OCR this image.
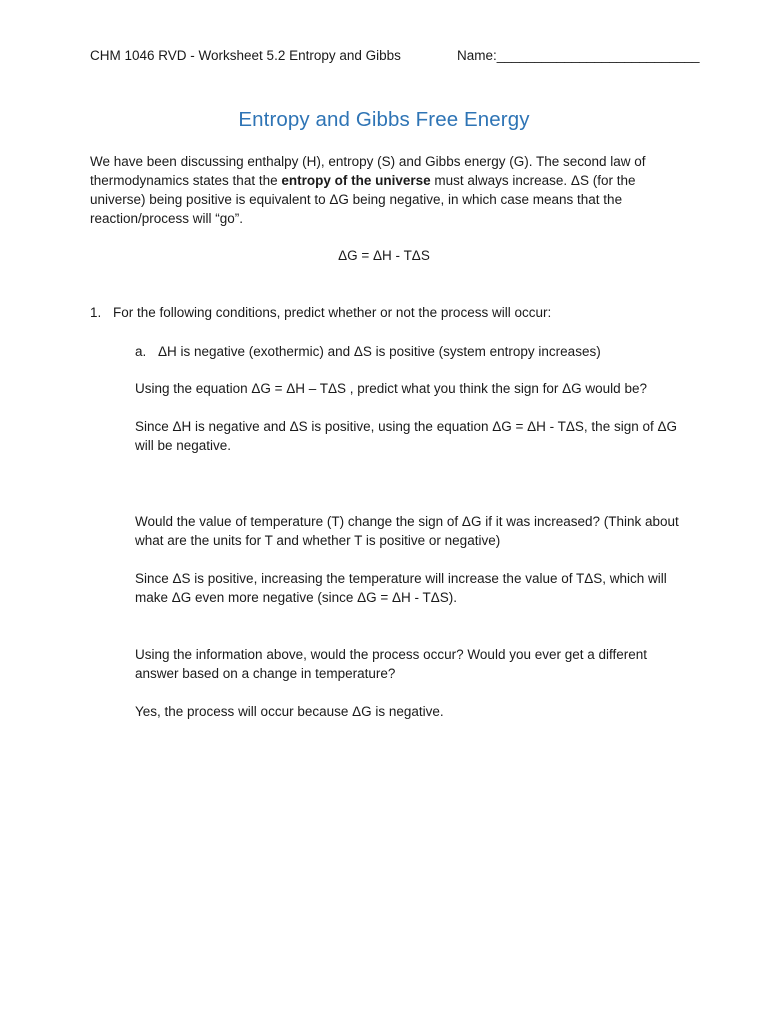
CHM 1046 RVD - Worksheet 5.2 Entropy and Gibbs	Name:___________________________
Entropy and Gibbs Free Energy
We have been discussing enthalpy (H), entropy (S) and Gibbs energy (G). The second law of thermodynamics states that the entropy of the universe must always increase. ΔS (for the universe) being positive is equivalent to ΔG being negative, in which case means that the reaction/process will “go”.
ΔG = ΔH - TΔS
1. For the following conditions, predict whether or not the process will occur:
a. ΔH is negative (exothermic) and ΔS is positive (system entropy increases)
Using the equation ΔG = ΔH – TΔS , predict what you think the sign for ΔG would be?
Since ΔH is negative and ΔS is positive, using the equation ΔG = ΔH - TΔS, the sign of ΔG will be negative.
Would the value of temperature (T) change the sign of ΔG if it was increased? (Think about what are the units for T and whether T is positive or negative)
Since ΔS is positive, increasing the temperature will increase the value of TΔS, which will make ΔG even more negative (since ΔG = ΔH - TΔS).
Using the information above, would the process occur? Would you ever get a different answer based on a change in temperature?
Yes, the process will occur because ΔG is negative.
